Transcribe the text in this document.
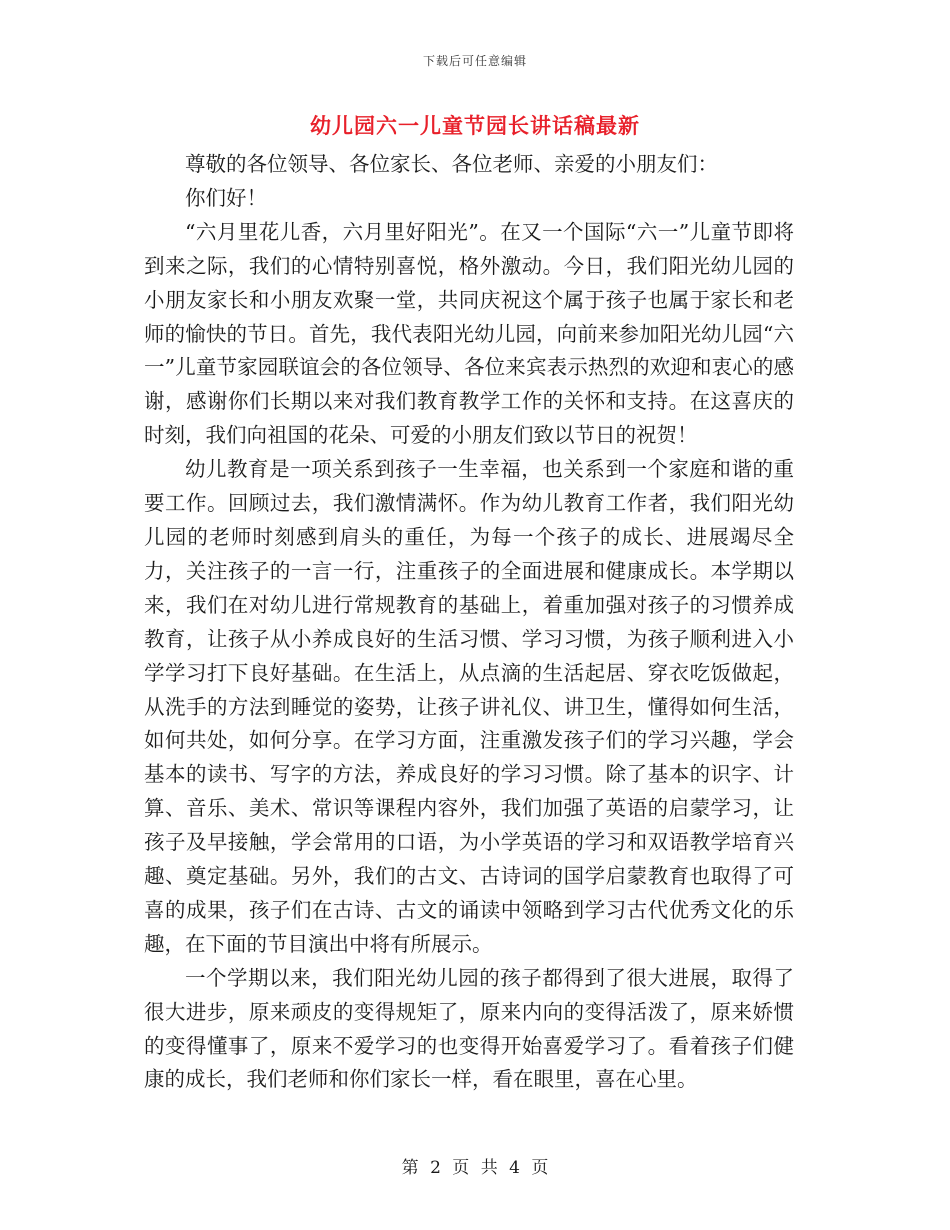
下载后可任意编辑
幼儿园六一儿童节园长讲话稿最新

尊敬的各位领导、各位家长、各位老师、亲爱的小朋友们：

你们好！

“六月里花儿香，六月里好阳光”。在又一个国际“六一”儿童节即将到来之际，我们的心情特别喜悦，格外激动。今日，我们阳光幼儿园的小朋友家长和小朋友欢聚一堂，共同庆祝这个属于孩子也属于家长和老师的愉快的节日。首先，我代表阳光幼儿园，向前来参加阳光幼儿园“六一”儿童节家园联谊会的各位领导、各位来宾表示热烈的欢迎和衷心的感谢，感谢你们长期以来对我们教育教学工作的关怀和支持。在这喜庆的时刻，我们向祖国的花朵、可爱的小朋友们致以节日的祝贺！

幼儿教育是一项关系到孩子一生幸福，也关系到一个家庭和谐的重要工作。回顾过去，我们激情满怀。作为幼儿教育工作者，我们阳光幼儿园的老师时刻感到肩头的重任，为每一个孩子的成长、进展竭尽全力，关注孩子的一言一行，注重孩子的全面进展和健康成长。本学期以来，我们在对幼儿进行常规教育的基础上，着重加强对孩子的习惯养成教育，让孩子从小养成良好的生活习惯、学习习惯，为孩子顺利进入小学学习打下良好基础。在生活上，从点滴的生活起居、穿衣吃饭做起，从洗手的方法到睡觉的姿势，让孩子讲礼仪、讲卫生，懂得如何生活，如何共处，如何分享。在学习方面，注重激发孩子们的学习兴趣，学会基本的读书、写字的方法，养成良好的学习习惯。除了基本的识字、计算、音乐、美术、常识等课程内容外，我们加强了英语的启蒙学习，让孩子及早接触，学会常用的口语，为小学英语的学习和双语教学培育兴趣、奠定基础。另外，我们的古文、古诗词的国学启蒙教育也取得了可喜的成果，孩子们在古诗、古文的诵读中领略到学习古代优秀文化的乐趣，在下面的节目演出中将有所展示。

一个学期以来，我们阳光幼儿园的孩子都得到了很大进展，取得了很大进步，原来顽皮的变得规矩了，原来内向的变得活泼了，原来娇惯的变得懂事了，原来不爱学习的也变得开始喜爱学习了。看着孩子们健康的成长，我们老师和你们家长一样，看在眼里，喜在心里。

第 2 页 共 4 页
